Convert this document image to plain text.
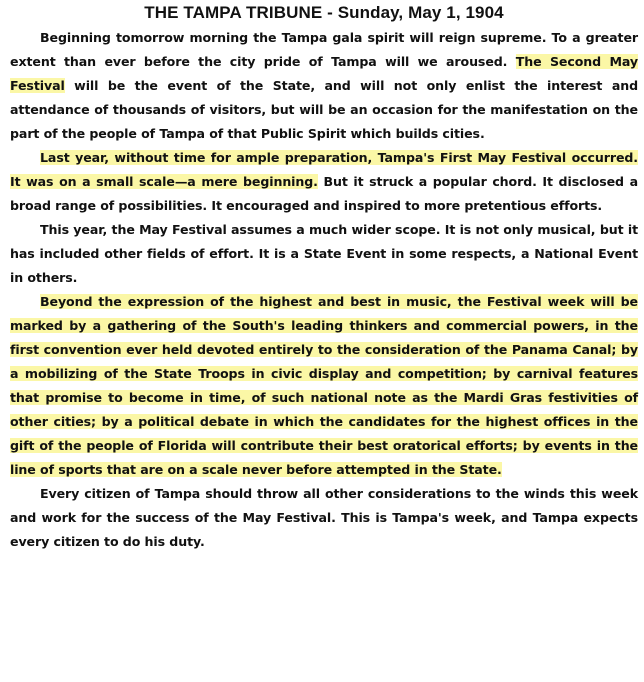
THE TAMPA TRIBUNE - Sunday, May 1, 1904

Beginning tomorrow morning the Tampa gala spirit will reign supreme. To a greater extent than ever before the city pride of Tampa will we aroused. The Second May Festival will be the event of the State, and will not only enlist the interest and attendance of thousands of visitors, but will be an occasion for the manifestation on the part of the people of Tampa of that Public Spirit which builds cities.

Last year, without time for ample preparation, Tampa's First May Festival occurred. It was on a small scale—a mere beginning. But it struck a popular chord. It disclosed a broad range of possibilities. It encouraged and inspired to more pretentious efforts.

This year, the May Festival assumes a much wider scope. It is not only musical, but it has included other fields of effort. It is a State Event in some respects, a National Event in others.

Beyond the expression of the highest and best in music, the Festival week will be marked by a gathering of the South's leading thinkers and commercial powers, in the first convention ever held devoted entirely to the consideration of the Panama Canal; by a mobilizing of the State Troops in civic display and competition; by carnival features that promise to become in time, of such national note as the Mardi Gras festivities of other cities; by a political debate in which the candidates for the highest offices in the gift of the people of Florida will contribute their best oratorical efforts; by events in the line of sports that are on a scale never before attempted in the State.

Every citizen of Tampa should throw all other considerations to the winds this week and work for the success of the May Festival. This is Tampa's week, and Tampa expects every citizen to do his duty.
